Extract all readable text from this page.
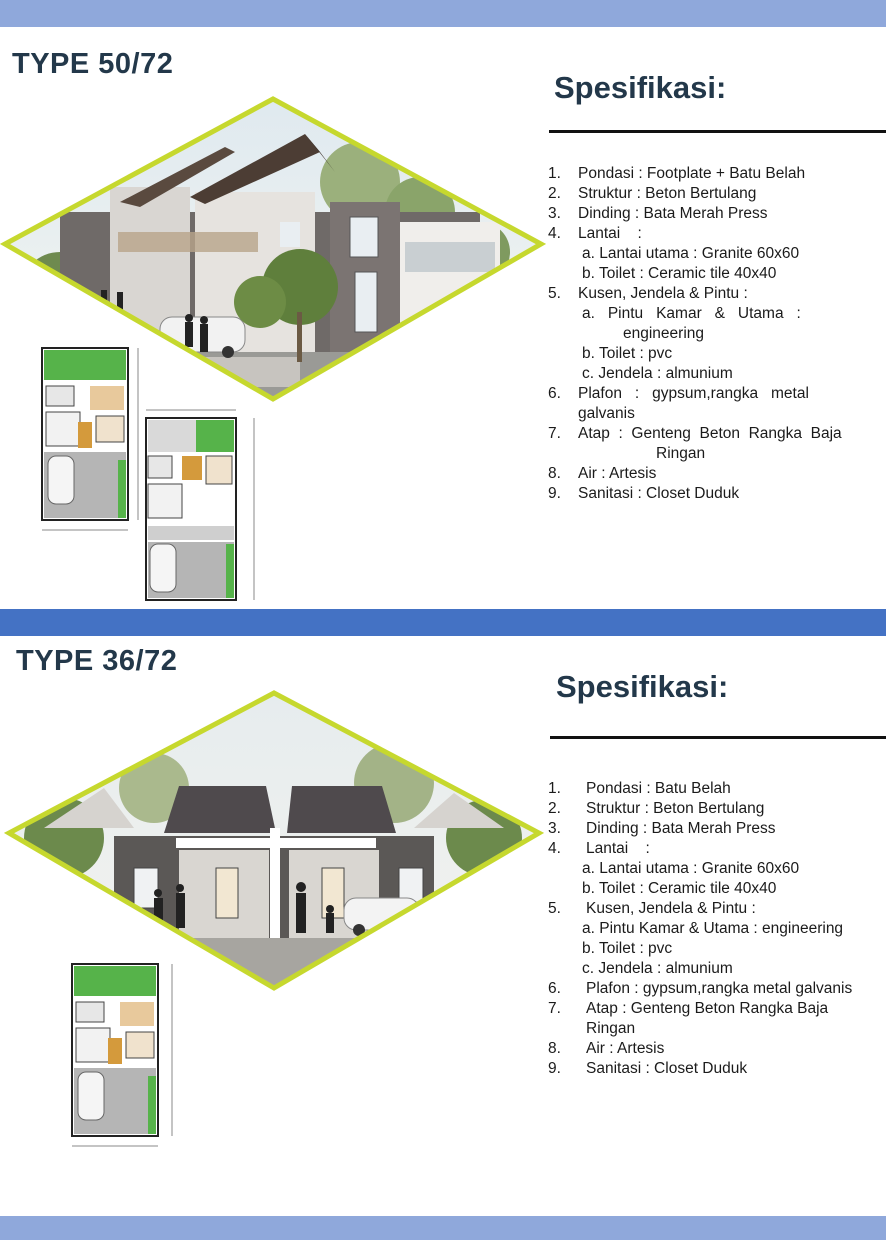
TYPE 50/72
Spesifikasi:
1. Pondasi : Footplate + Batu Belah
2. Struktur : Beton Bertulang
3. Dinding : Bata Merah Press
4. Lantai    :
a. Lantai utama : Granite 60x60
b. Toilet : Ceramic tile 40x40
5. Kusen, Jendela & Pintu :
a.   Pintu   Kamar   &   Utama   :
engineering
b. Toilet : pvc
c. Jendela : almunium
6. Plafon   :   gypsum,rangka   metal
galvanis
7. Atap  :  Genteng  Beton  Rangka  Baja
Ringan
8. Air : Artesis
9. Sanitasi : Closet Duduk
TYPE 36/72
Spesifikasi:
1. Pondasi : Batu Belah
2. Struktur : Beton Bertulang
3. Dinding : Bata Merah Press
4. Lantai    :
a. Lantai utama : Granite 60x60
b. Toilet : Ceramic tile 40x40
5. Kusen, Jendela & Pintu :
a. Pintu Kamar & Utama : engineering
b. Toilet : pvc
c. Jendela : almunium
6. Plafon : gypsum,rangka metal galvanis
7. Atap : Genteng Beton Rangka Baja
Ringan
8. Air : Artesis
9. Sanitasi : Closet Duduk
